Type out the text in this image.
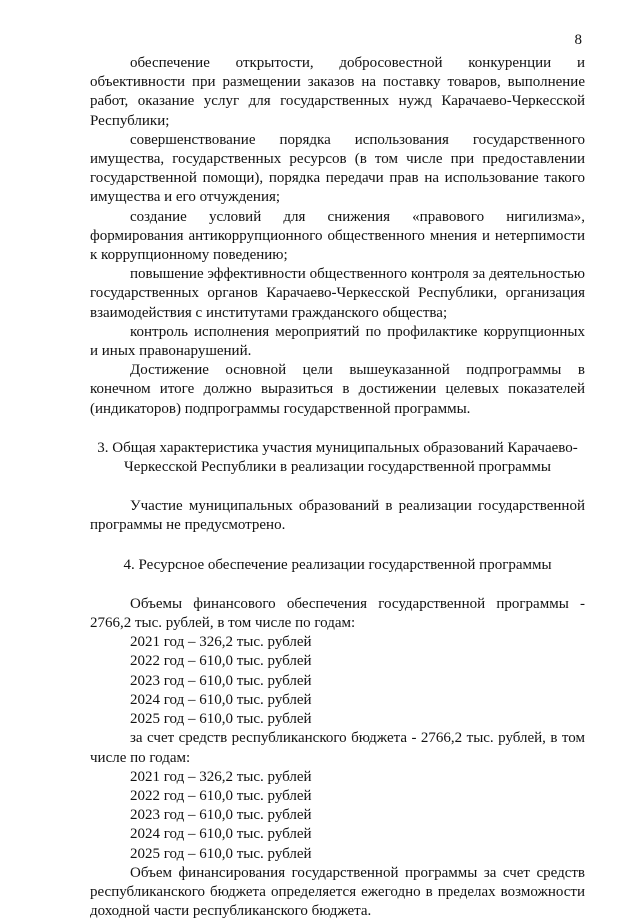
8

обеспечение открытости, добросовестной конкуренции и объективности при размещении заказов на поставку товаров, выполнение работ, оказание услуг для государственных нужд Карачаево-Черкесской Республики;

совершенствование порядка использования государственного имущества, государственных ресурсов (в том числе при предоставлении государственной помощи), порядка передачи прав на использование такого имущества и его отчуждения;

создание условий для снижения «правового нигилизма», формирования антикоррупционного общественного мнения и нетерпимости к коррупционному поведению;

повышение эффективности общественного контроля за деятельностью государственных органов Карачаево-Черкесской Республики, организация взаимодействия с институтами гражданского общества;

контроль исполнения мероприятий по профилактике коррупционных и иных правонарушений.

Достижение основной цели вышеуказанной подпрограммы в конечном итоге должно выразиться в достижении целевых показателей (индикаторов) подпрограммы государственной программы.

3. Общая характеристика участия муниципальных образований Карачаево-Черкесской Республики в реализации государственной программы

Участие муниципальных образований в реализации государственной программы не предусмотрено.

4. Ресурсное обеспечение реализации государственной программы

Объемы финансового обеспечения государственной программы - 2766,2 тыс. рублей, в том числе по годам:

2021 год – 326,2 тыс. рублей

2022 год – 610,0 тыс. рублей

2023 год – 610,0 тыс. рублей

2024 год – 610,0 тыс. рублей

2025 год – 610,0 тыс. рублей

за счет средств республиканского бюджета - 2766,2 тыс. рублей, в том числе по годам:

2021 год – 326,2 тыс. рублей

2022 год – 610,0 тыс. рублей

2023 год – 610,0 тыс. рублей

2024 год – 610,0 тыс. рублей

2025 год – 610,0 тыс. рублей

Объем финансирования государственной программы за счет средств республиканского бюджета определяется ежегодно в пределах возможности доходной части республиканского бюджета.
